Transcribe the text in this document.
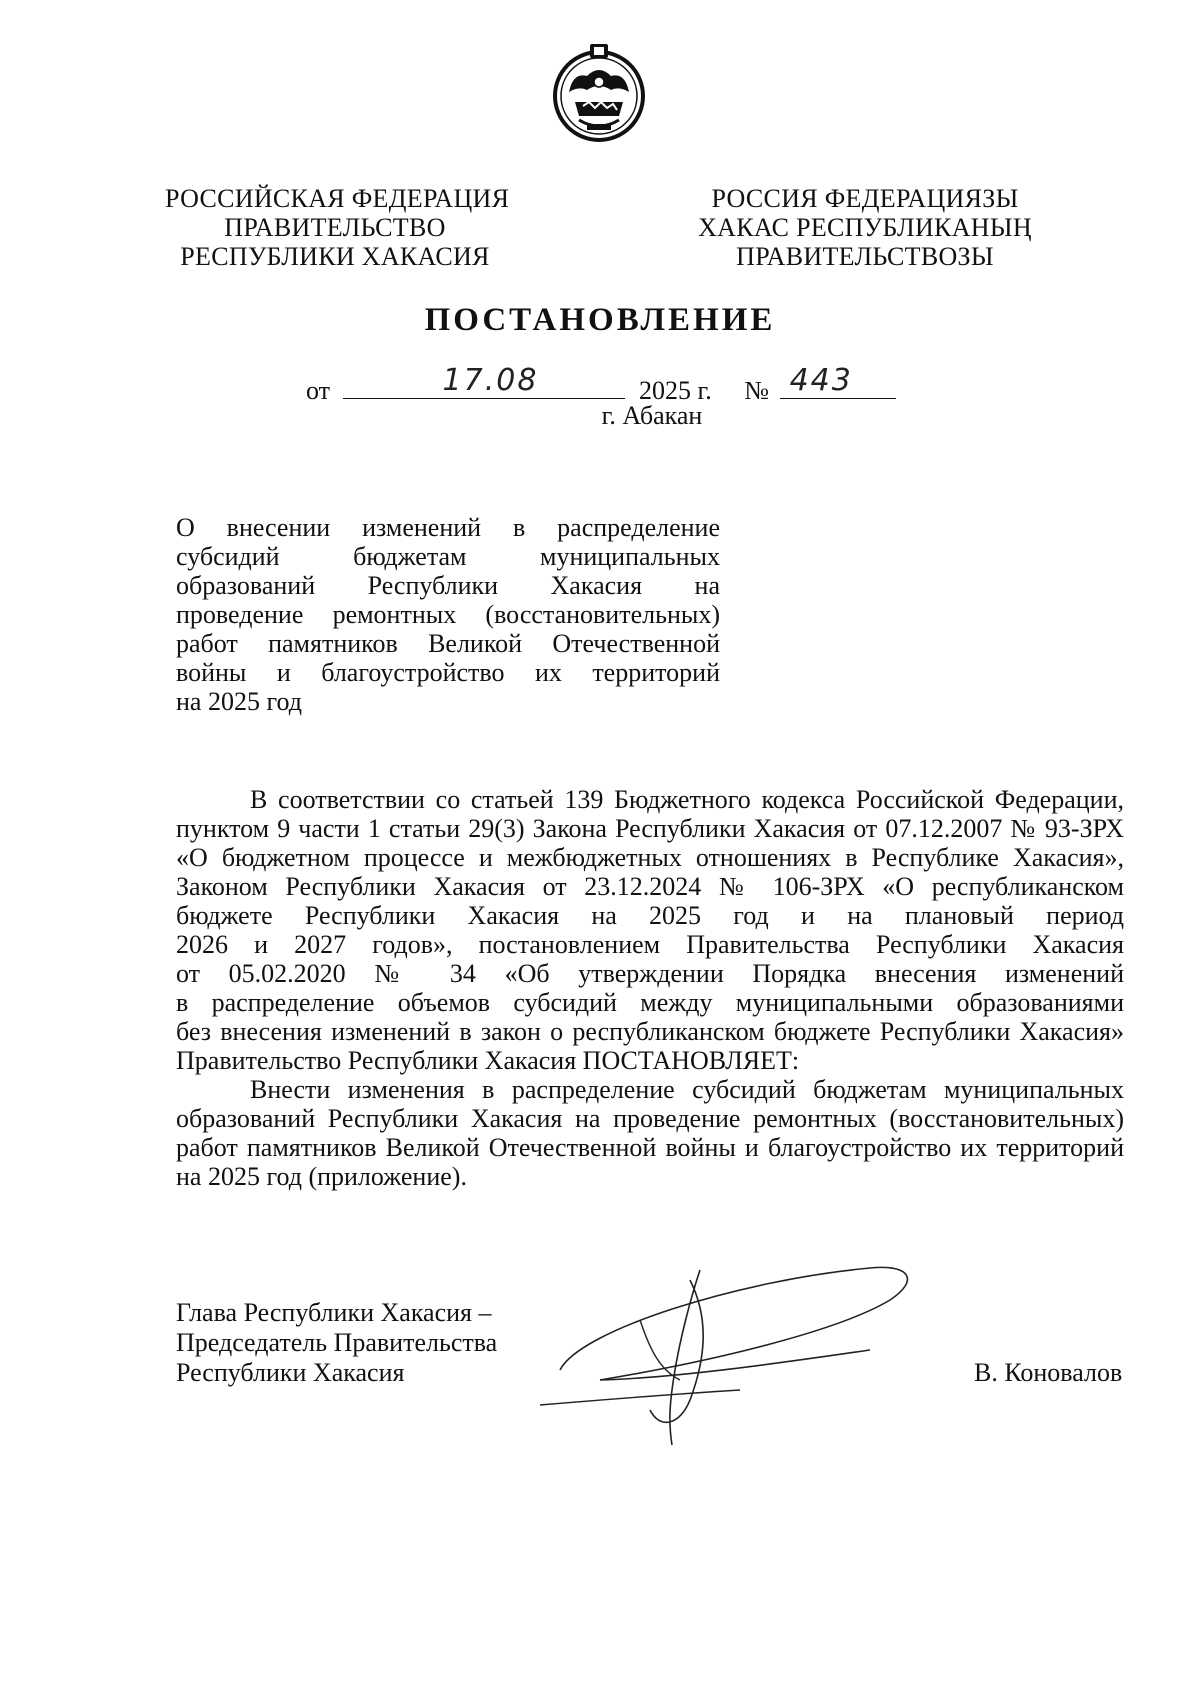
РОССИЙСКАЯ ФЕДЕРАЦИЯ
ПРАВИТЕЛЬСТВО
РЕСПУБЛИКИ ХАКАСИЯ
РОССИЯ ФЕДЕРАЦИЯЗЫ
ХАКАС РЕСПУБЛИКАНЫҢ
ПРАВИТЕЛЬСТВОЗЫ
ПОСТАНОВЛЕНИЕ
от	17.08	2025 г. № 443
г. Абакан
О внесении изменений в распределение
субсидий бюджетам муниципальных
образований Республики Хакасия на
проведение ремонтных (восстановительных)
работ памятников Великой Отечественной
войны и благоустройство их территорий
на 2025 год
В соответствии со статьей 139 Бюджетного кодекса Российской Федерации,
пунктом 9 части 1 статьи 29(3) Закона Республики Хакасия от 07.12.2007 № 93-ЗРХ
«О бюджетном процессе и межбюджетных отношениях в Республике Хакасия»,
Законом Республики Хакасия от 23.12.2024 № 106-ЗРХ «О республиканском
бюджете Республики Хакасия на 2025 год и на плановый период
2026 и 2027 годов», постановлением Правительства Республики Хакасия
от 05.02.2020 № 34 «Об утверждении Порядка внесения изменений
в распределение объемов субсидий между муниципальными образованиями
без внесения изменений в закон о республиканском бюджете Республики Хакасия»
Правительство Республики Хакасия ПОСТАНОВЛЯЕТ:
Внести изменения в распределение субсидий бюджетам муниципальных
образований Республики Хакасия на проведение ремонтных (восстановительных)
работ памятников Великой Отечественной войны и благоустройство их территорий
на 2025 год (приложение).
Глава Республики Хакасия –
Председатель Правительства
Республики Хакасия	В. Коновалов
